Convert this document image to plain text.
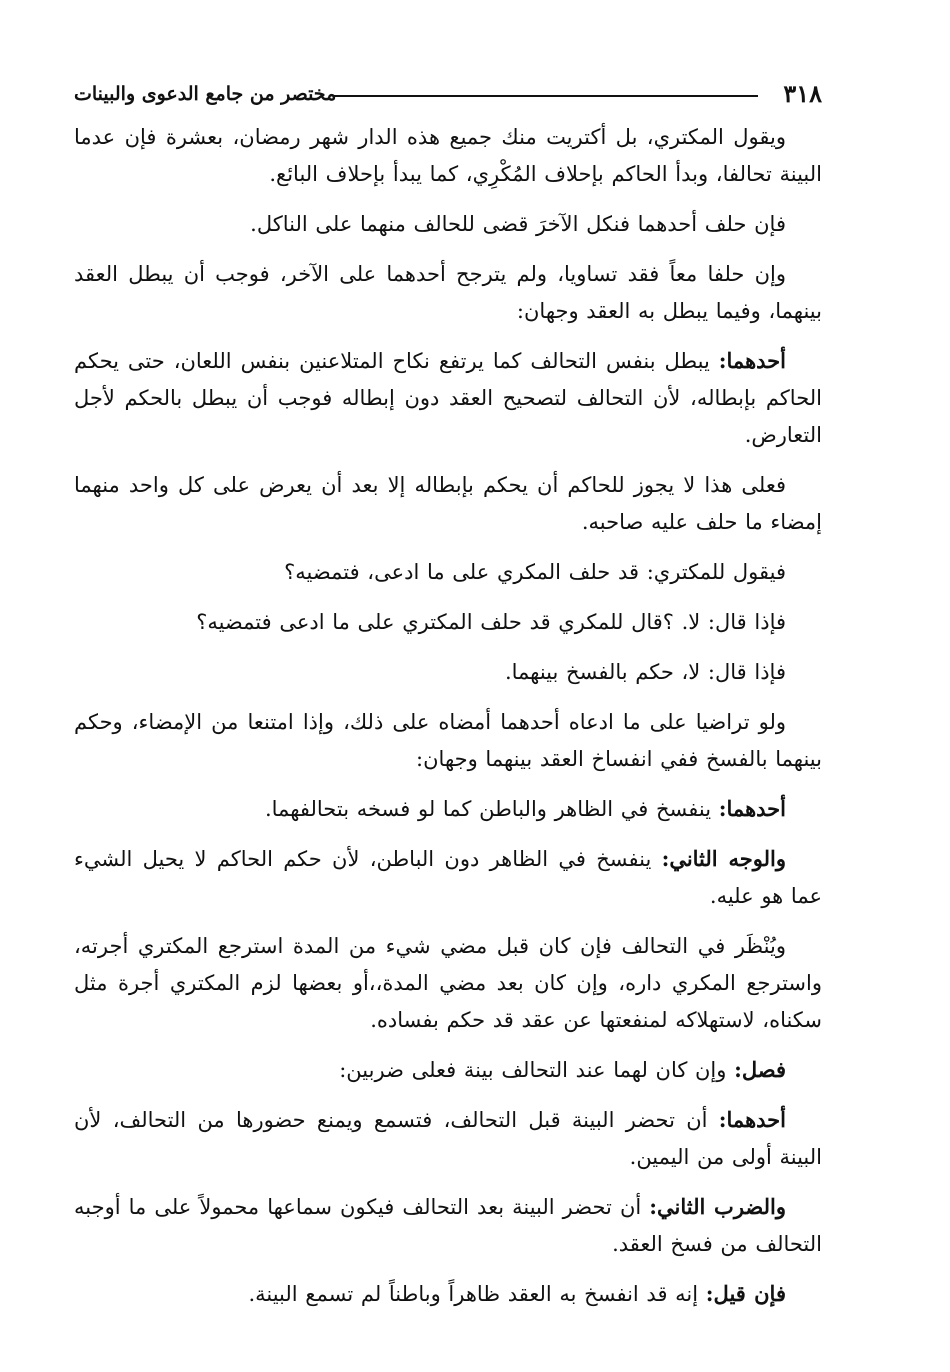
٣١٨
مختصر من جامع الدعوى والبينات

ويقول المكتري، بل أكتريت منك جميع هذه الدار شهر رمضان، بعشرة فإن عدما البينة تحالفا، وبدأ الحاكم بإحلاف المُكْرِي، كما يبدأ بإحلاف البائع.

فإن حلف أحدهما فنكل الآخرَ قضى للحالف منهما على الناكل.

وإن حلفا معاً فقد تساويا، ولم يترجح أحدهما على الآخر، فوجب أن يبطل العقد بينهما، وفيما يبطل به العقد وجهان:

أحدهما: يبطل بنفس التحالف كما يرتفع نكاح المتلاعنين بنفس اللعان، حتى يحكم الحاكم بإبطاله، لأن التحالف لتصحيح العقد دون إبطاله فوجب أن يبطل بالحكم لأجل التعارض.

فعلى هذا لا يجوز للحاكم أن يحكم بإبطاله إلا بعد أن يعرض على كل واحد منهما إمضاء ما حلف عليه صاحبه.

فيقول للمكتري: قد حلف المكري على ما ادعى، فتمضيه؟

فإذا قال: لا. ؟قال للمكري قد حلف المكتري على ما ادعى فتمضيه؟

فإذا قال: لا، حكم بالفسخ بينهما.

ولو تراضيا على ما ادعاه أحدهما أمضاه على ذلك، وإذا امتنعا من الإمضاء، وحكم بينهما بالفسخ ففي انفساخ العقد بينهما وجهان:

أحدهما: ينفسخ في الظاهر والباطن كما لو فسخه بتحالفهما.

والوجه الثاني: ينفسخ في الظاهر دون الباطن، لأن حكم الحاكم لا يحيل الشيء عما هو عليه.

ويُنْظَر في التحالف فإن كان قبل مضي شيء من المدة استرجع المكتري أجرته، واسترجع المكري داره، وإن كان بعد مضي المدة،،أو بعضها لزم المكتري أجرة مثل سكناه، لاستهلاكه لمنفعتها عن عقد قد حكم بفساده.

فصل: وإن كان لهما عند التحالف بينة فعلى ضربين:

أحدهما: أن تحضر البينة قبل التحالف، فتسمع ويمنع حضورها من التحالف، لأن البينة أولى من اليمين.

والضرب الثاني: أن تحضر البينة بعد التحالف فيكون سماعها محمولاً على ما أوجبه التحالف من فسخ العقد.

فإن قيل: إنه قد انفسخ به العقد ظاهراً وباطناً لم تسمع البينة.
